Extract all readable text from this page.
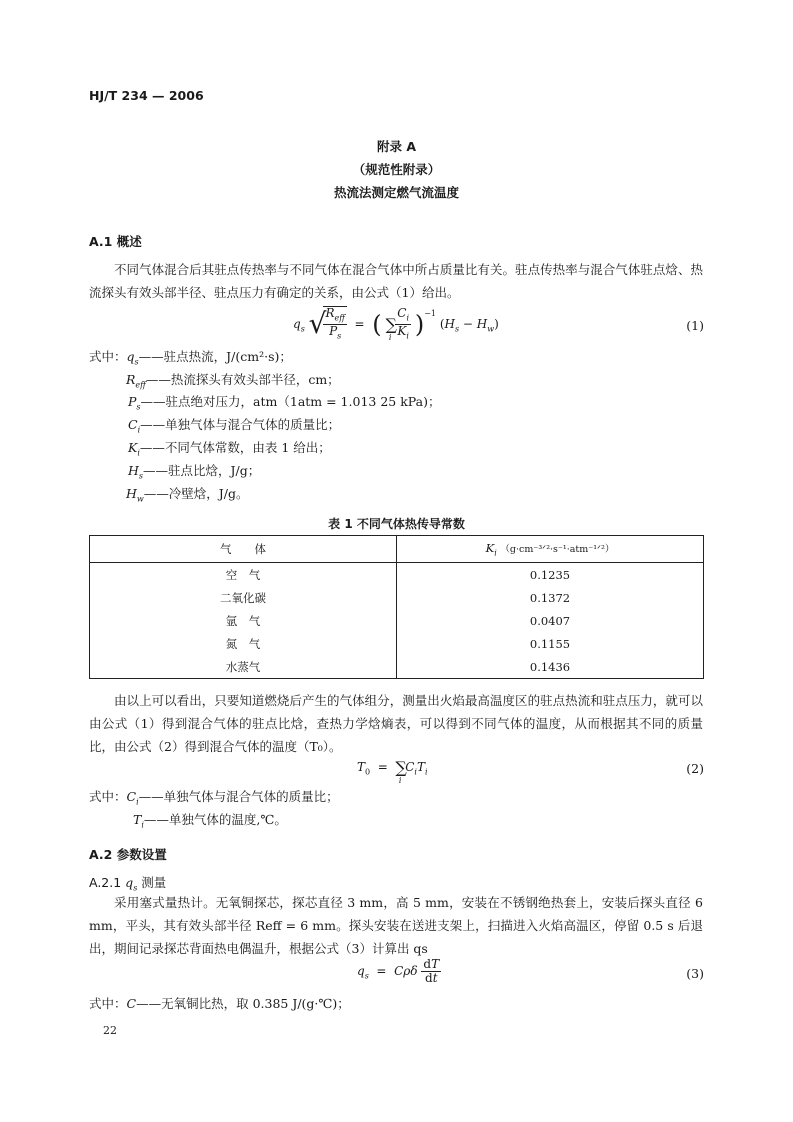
HJ/T 234 — 2006
附录 A
（规范性附录）
热流法测定燃气流温度
A.1 概述
不同气体混合后其驻点传热率与不同气体在混合气体中所占质量比有关。驻点传热率与混合气体驻点焓、热流探头有效头部半径、驻点压力有确定的关系，由公式（1）给出。
$q_s$ √
$\frac{R_{eff}}{P_s}$ =  ( $\sum_i \frac{C_i}{K_i} )^{-1}$ $(H_s - H_w)$	(1)
式中：$q_s——$驻点热流，J/(cm²·s)；
$R_{eff}——$热流探头有效头部半径，cm；
$P_s——$驻点绝对压力，atm（1atm = 1.013 25 kPa)；
$C_i——$单独气体与混合气体的质量比；
$K_i——$不同气体常数，由表 1 给出；
$H_s——$驻点比焓，J/g；
$H_w——$冷壁焓，J/g。
表 1 不同气体热传导常数
气　　体	$K_i$ （g·cm⁻³ᐟ²·s⁻¹·atm⁻¹ᐟ²）
空　气	0.1235
二氧化碳	0.1372
氩　气	0.0407
氮　气	0.1155
水蒸气	0.1436
由以上可以看出，只要知道燃烧后产生的气体组分，测量出火焰最高温度区的驻点热流和驻点压力，就可以由公式（1）得到混合气体的驻点比焓，查热力学焓熵表，可以得到不同气体的温度，从而根据其不同的质量比，由公式（2）得到混合气体的温度（T₀）。
$T_0 = \sum_i$ $C_iT_i$	(2)
式中：$C_i——$单独气体与混合气体的质量比；
$T_i——$单独气体的温度,℃。
A.2 参数设置
A.2.1 $q_s$ 测量
采用塞式量热计。无氧铜探芯，探芯直径 3 mm，高 5 mm，安装在不锈钢绝热套上，安装后探头直径 6 mm，平头，其有效头部半径 Reff = 6 mm。探头安装在送进支架上，扫描进入火焰高温区，停留 0.5 s 后退出，期间记录探芯背面热电偶温升，根据公式（3）计算出 qs
$q_s = C\rho\delta \frac{dT}{dt}$	(3)
式中：C——无氧铜比热，取 0.385 J/(g·℃)；
22
